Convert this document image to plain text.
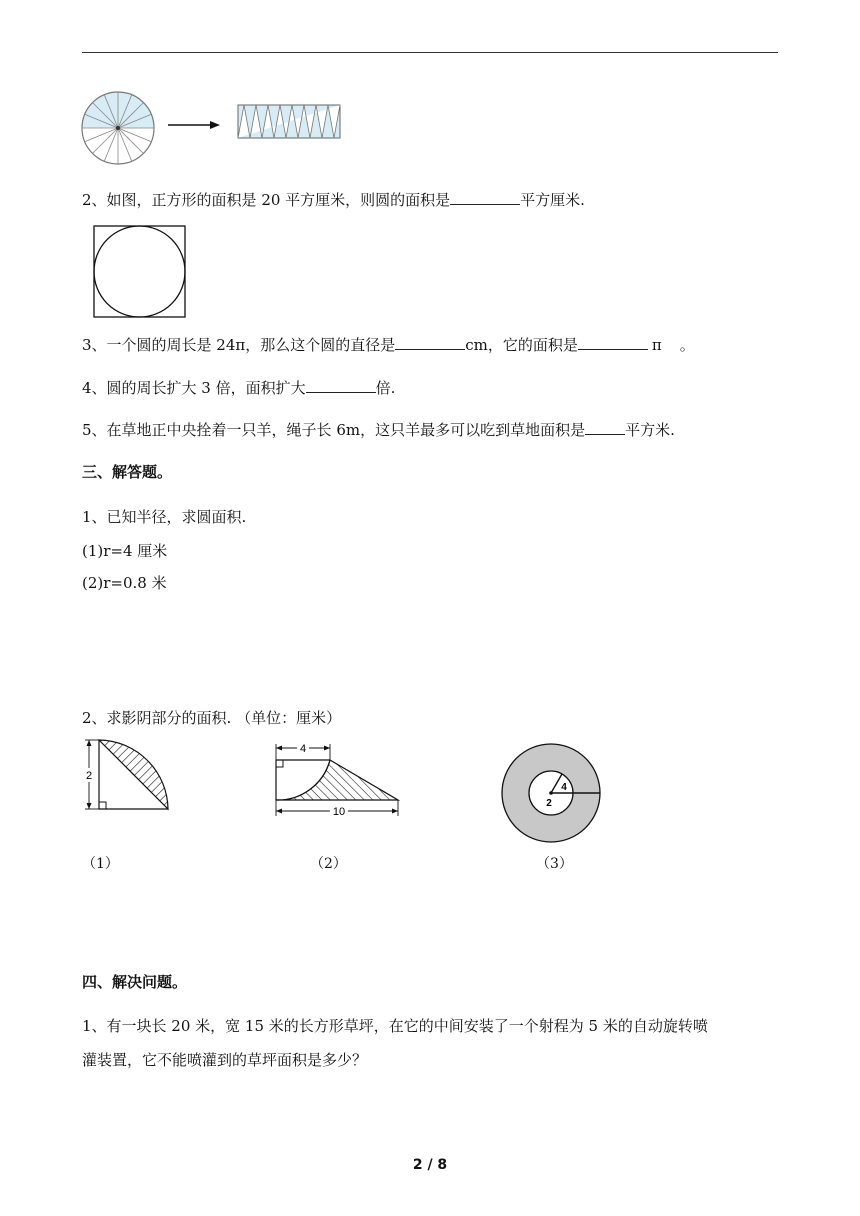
2、如图，正方形的面积是 20 平方厘米，则圆的面积是	平方厘米.
3、一个圆的周长是 24π，那么这个圆的直径是	cm，它的面积是	π 。
4、圆的周长扩大 3 倍，面积扩大	倍.
5、在草地正中央拴着一只羊，绳子长 6m，这只羊最多可以吃到草地面积是	平方米.
三、解答题。
1、已知半径，求圆面积.
(1)r=4 厘米
(2)r=0.8 米
2、求影阴部分的面积. （单位：厘米）
2
4
10
4
2
（1）	（2）	（3）
四、解决问题。
1、有一块长 20 米，宽 15 米的长方形草坪，在它的中间安装了一个射程为 5 米的自动旋转喷
灌装置，它不能喷灌到的草坪面积是多少？
2 / 8
